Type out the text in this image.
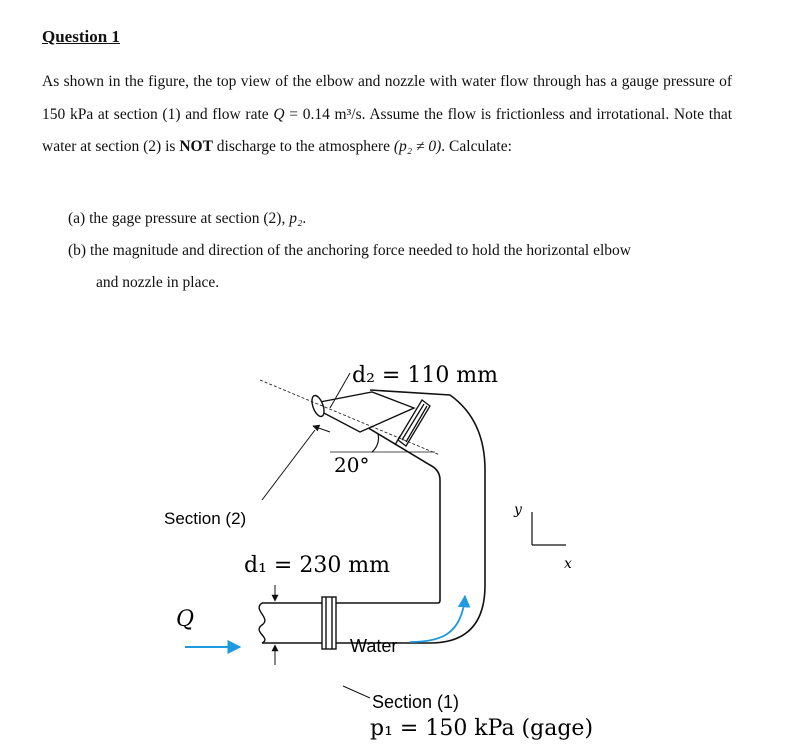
Question 1
As shown in the figure, the top view of the elbow and nozzle with water flow through has a gauge pressure of 150 kPa at section (1) and flow rate Q = 0.14 m³/s. Assume the flow is frictionless and irrotational. Note that water at section (2) is NOT discharge to the atmosphere (p₂ ≠ 0). Calculate:
(a) the gage pressure at section (2), p₂.
(b) the magnitude and direction of the anchoring force needed to hold the horizontal elbow
and nozzle in place.
d₂ = 110 mm
20°
Section (2)
d₁ = 230 mm
Q
Water
Section (1)
p₁ = 150 kPa (gage)
y
x
